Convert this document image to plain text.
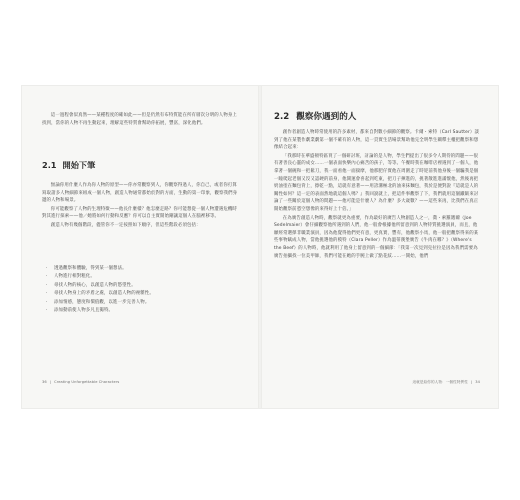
這一過程會似真然——某種程度的確如此——但是仍然有布特質能在所有層次分明的人物身上找到，當你的人物不再生動起來，理解這些特質會幫助你拓展，豐富，深化他們。

2.1 開始下筆

無論你用什麼人作為你人物的原型——你亦常觀察到人，你觀察得過人，你自己，或者你打算寫取諸多人物細節來組成一個人物，創造人物通常都始於對的方面，生動的第一印象，觀察我們身邊的人物和場景。

你可能觀察了人物的生理特徵——他長什麼樣？他怎麼走路？你可能想從一個人物遭遇危機時對其進行探索——他／她將如何行動和反應？你可以自主實開始剛讓這個人在腦裡移等。

創造人物有幾個階段，儘管你不一定按照如下順序，但這些階段必須包括：

· 透過觀察和體驗，得到某一個想法。
· 人物進行相對粗化。
· 尋找人物的核心，以創造人物的慾望性。
· 尋找人物身上的矛盾之處，以創造人物的複雜性。
· 添加情感，態度和價值觀，以進一步完善人物。
· 添加動前使人物多凡且獨特。
36 | Creating Unforgettable Characters
2.2 觀察你遇到的人

創作者創造人物時常使用的許多素材，都來自對數小細節的觀察。卡爾・索特（Carl Sautter）談到了他在某製作劇業劇第一個不確有的人物，這一頁實生活場景幫助他完全明學生關釋主權把觀察和想像結合起來：

「我那時在華盛頓特區買了一個研討班，討論的是人物，學生們提出了很多令人期待的問題——很有著善良心靈的成女……一個表面快樂內心痛苦的孩子，等等。午餐時我在咖啡店裡遇到了一個人，他拿著一個碗和一把鬆刀，我一面看他一面揣摩，他那肥仔實他在周圍走了時迎前我他身後一個騙我是個一瞳爬起老個又沒又認硬的前身，他開運會喜起到吃東，把刀子揮進的，挑著散進進滿懷他，然後再把奶油塗在麵包背上，擦乾一點，這就有意著——用誇溝極北的油來抹麵包，我於是便對說『這就是人的關性如何？這一定的表面然地就這個人嗎？』我回說就上，把這件事觀察了下，我們就用這個鐵飯來討論了一些關於這個人物的問題——他可能是什麼人？為什麼？多大歲數？——這些來再，比我們在真正開始觀察前憑空想像的來得好上十倍。」

在為廣告創造人物時，觀察就更為重要，作為最好的廣告人物創造人之一，喬・索羅邁爾（Joe Sedelmaier）會仔細觀察他所遇到的人們，他一般會根據他所留意到的人物特質挑選演員，而且，他願經常選擇非職業演員，因為他覺得他們更有意，更真實，豐有，他觀察小馬，他一般把觀察得來的某些事物賦成人物，當他挑選他的模特（Clara Peller）作為溫蒂漢堡廣告《牛肉在哪？》（Where's the Beef）的人物時，他就利用了他身上留意到的一個細節：「我第一次見到克拉拉是因為我們需要為廣告拍攝找一位美甲師，我們可能在她的手腕上做了點花紋……一開始，他們

這就是給你的人物：一個性特異性 | 34
